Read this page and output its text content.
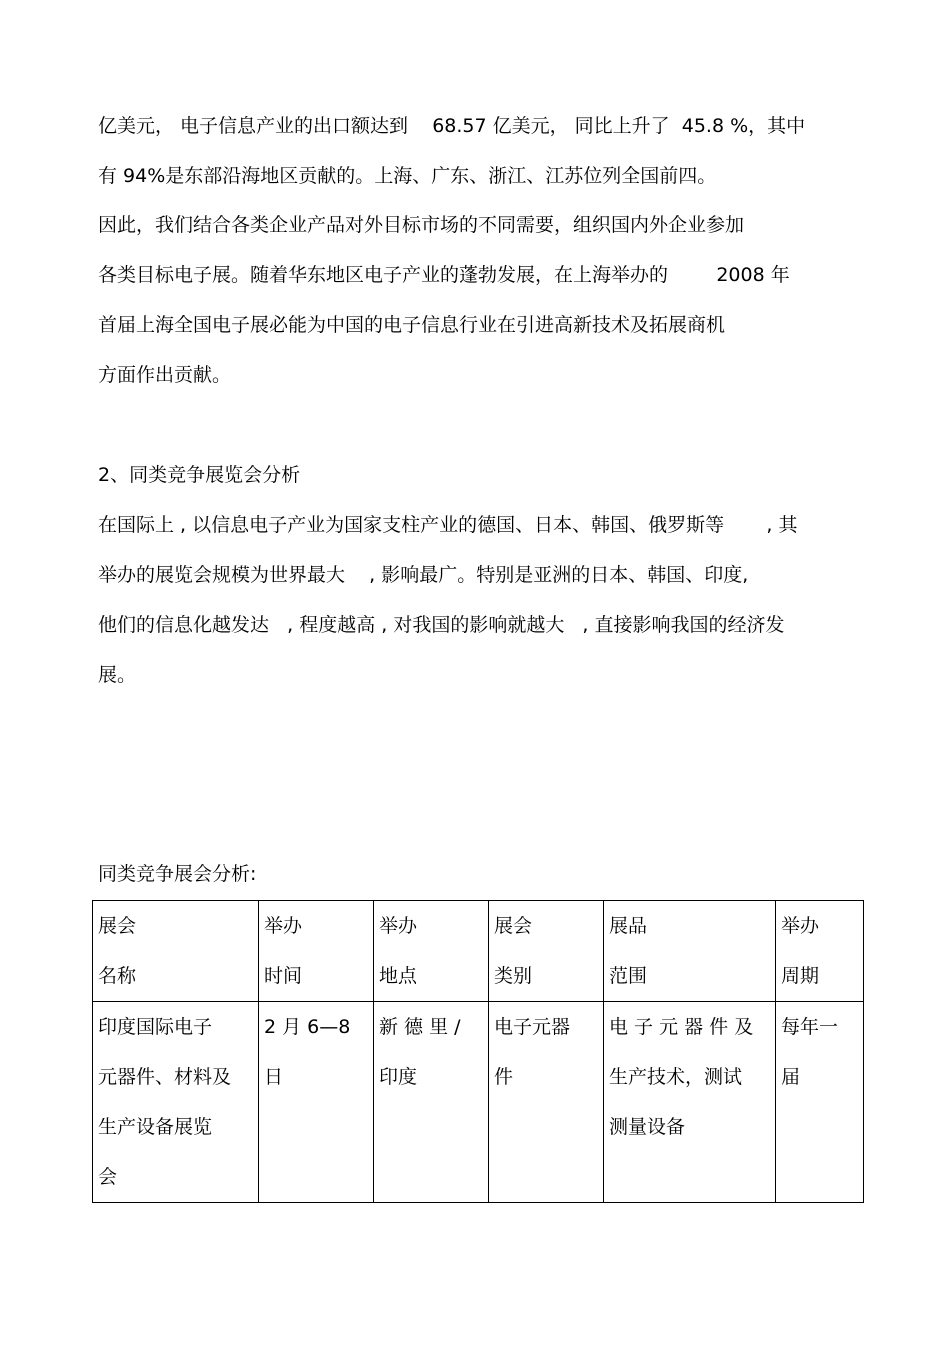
亿美元， 电子信息产业的出口额达到    68.57 亿美元， 同比上升了  45.8 %，其中
有 94%是东部沿海地区贡献的。上海、广东、浙江、江苏位列全国前四。
因此，我们结合各类企业产品对外目标市场的不同需要，组织国内外企业参加
各类目标电子展。随着华东地区电子产业的蓬勃发展，在上海举办的        2008 年
首届上海全国电子展必能为中国的电子信息行业在引进高新技术及拓展商机
方面作出贡献。
2、同类竞争展览会分析
在国际上 , 以信息电子产业为国家支柱产业的德国、日本、韩国、俄罗斯等       , 其
举办的展览会规模为世界最大    , 影响最广。特别是亚洲的日本、韩国、印度,
他们的信息化越发达   , 程度越高 , 对我国的影响就越大   , 直接影响我国的经济发
展。
同类竞争展会分析:
展会
名称	举办
时间	举办
地点	展会
类别	展品
范围	举办
周期

印度国际电子
元器件、材料及
生产设备展览
会	2 月 6—8
日	新 德 里 /
印度	电子元器
件	电 子 元 器 件 及
生产技术，测试
测量设备	每年一
届
